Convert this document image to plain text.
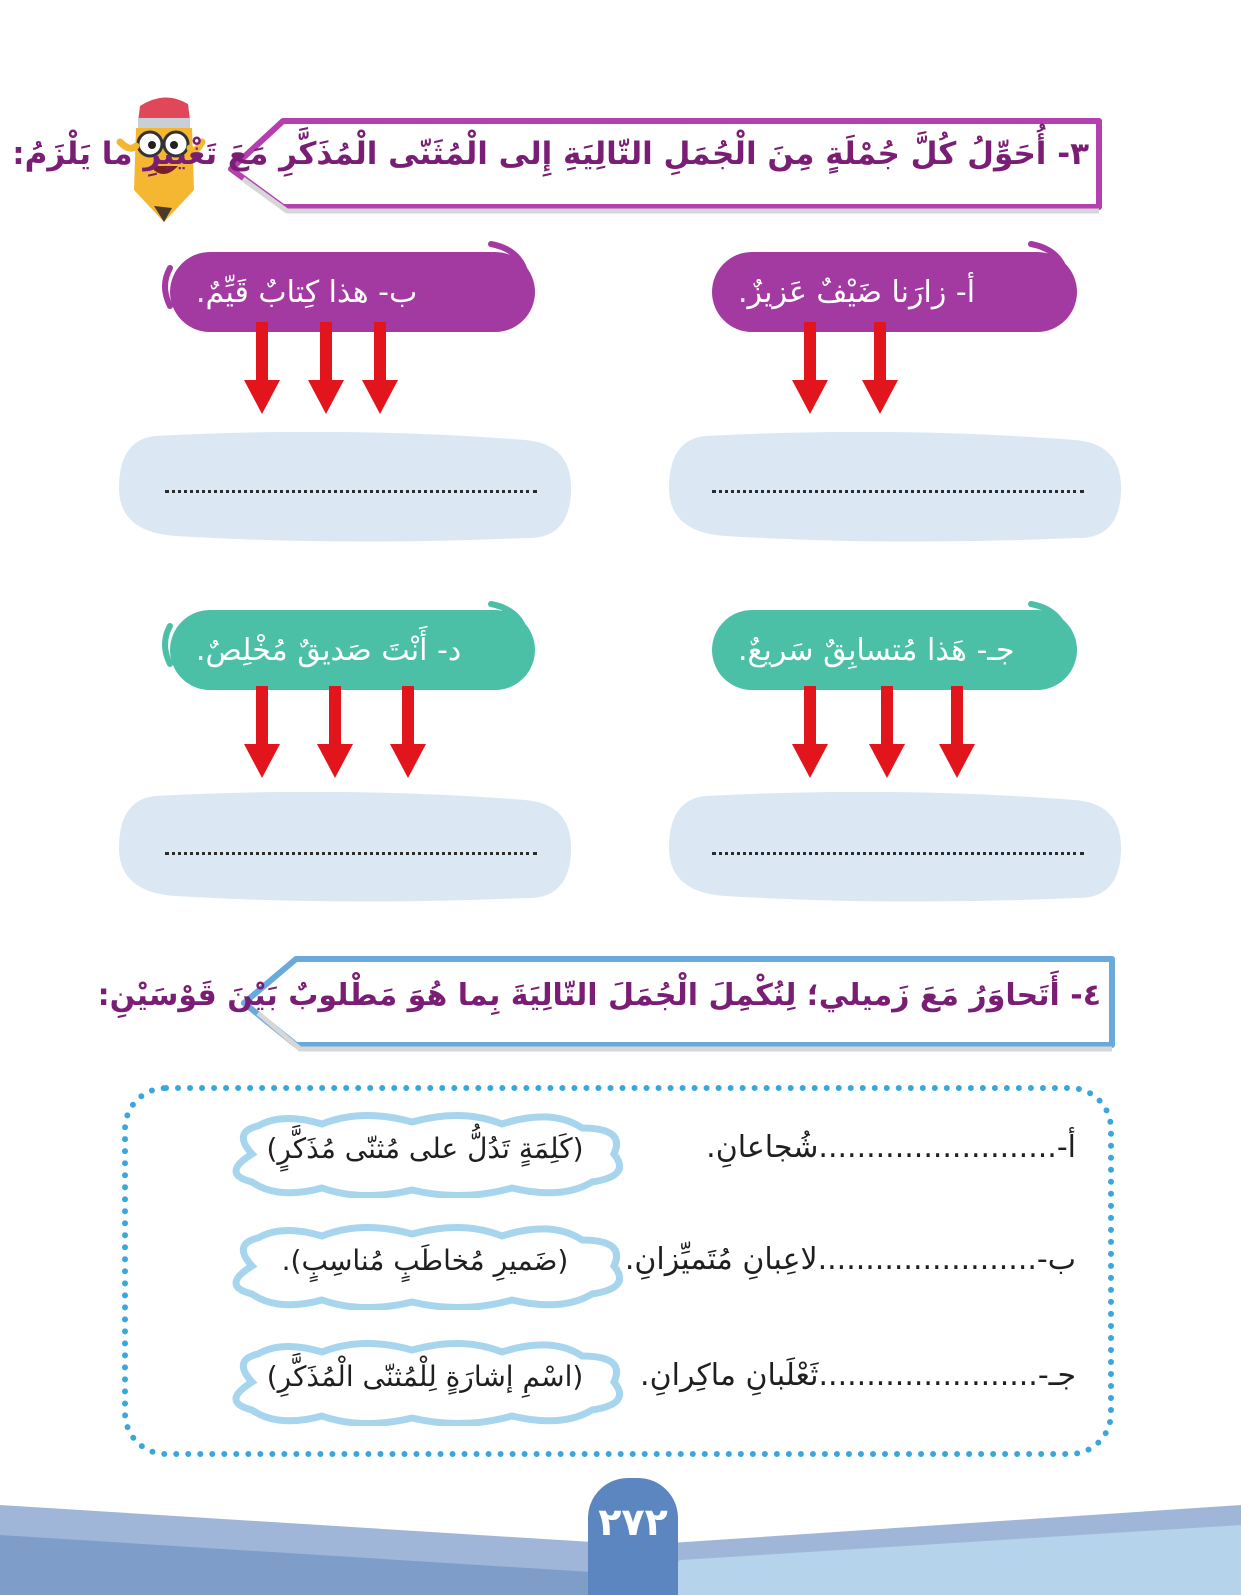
٣- أُحَوِّلُ كُلَّ جُمْلَةٍ مِنَ الْجُمَلِ التّالِيَةِ إِلى الْمُثَنّى الْمُذَكَّرِ مَعَ تَغْييرِ ما يَلْزَمُ:
أ- زارَنا ضَيْفٌ عَزيزٌ.
ب- هذا كِتابٌ قَيِّمٌ.
جـ- هَذا مُتسابِقٌ سَريعٌ.
د- أَنْتَ صَديقٌ مُخْلِصٌ.
٤- أَتَحاوَرُ مَعَ زَميلي؛ لِنُكْمِلَ الْجُمَلَ التّالِيَةَ بِما هُوَ مَطْلوبٌ بَيْنَ قَوْسَيْنِ:
أ-.........................شُجاعانِ.
(كَلِمَةٍ تَدُلُّ على مُثنّى مُذَكَّرٍ)
ب-.......................لاعِبانِ مُتَميِّزانِ.
(ضَميرِ مُخاطَبٍ مُناسِبٍ).
جـ-.......................ثَعْلَبانِ ماكِرانِ.
(اسْمِ إشارَةٍ لِلْمُثنّى الْمُذَكَّرِ)
٢٧٢
